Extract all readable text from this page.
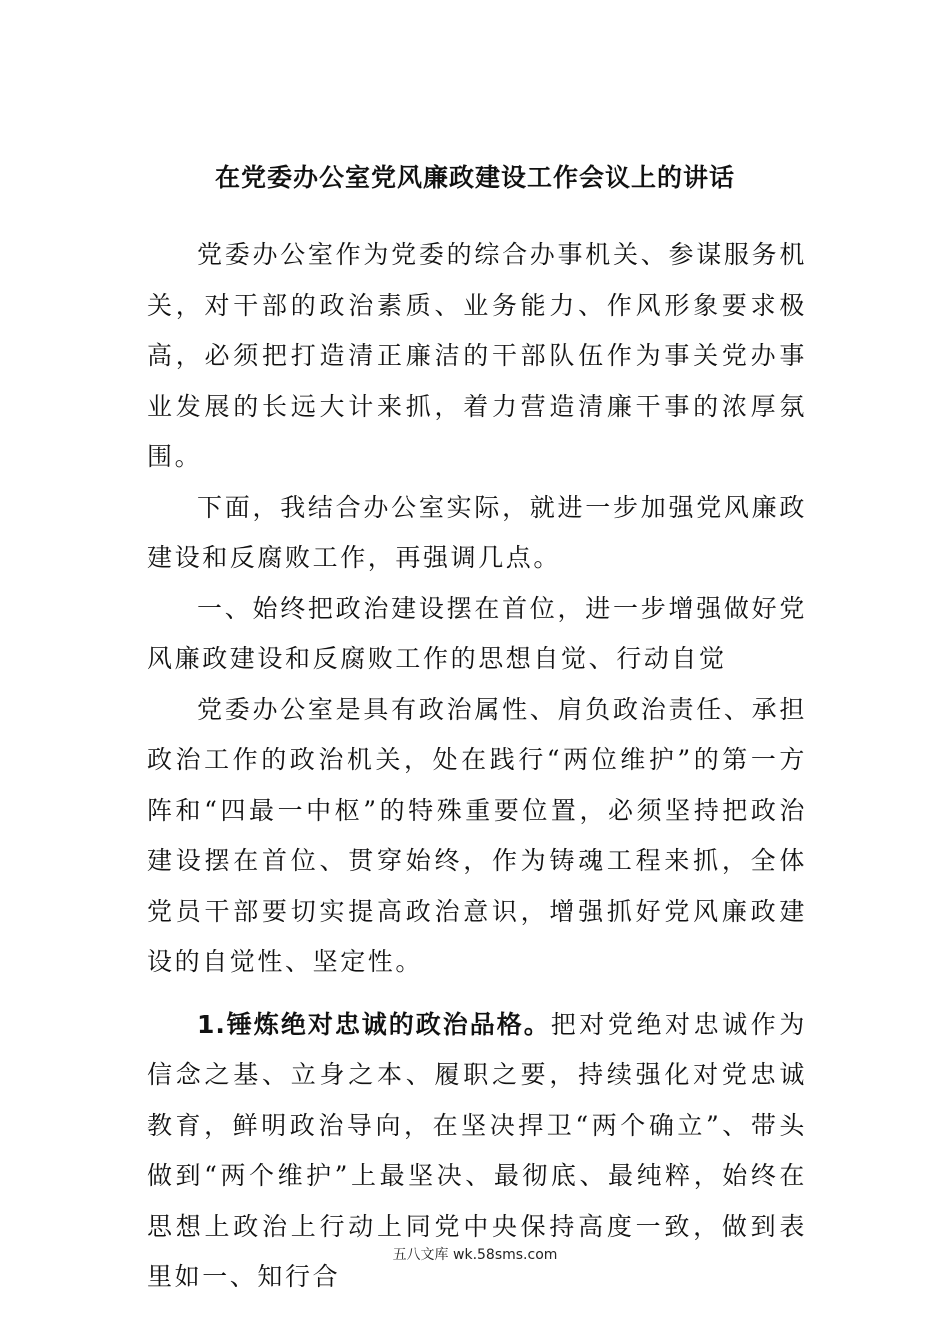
在党委办公室党风廉政建设工作会议上的讲话

党委办公室作为党委的综合办事机关、参谋服务机关，对干部的政治素质、业务能力、作风形象要求极高，必须把打造清正廉洁的干部队伍作为事关党办事业发展的长远大计来抓，着力营造清廉干事的浓厚氛围。

下面，我结合办公室实际，就进一步加强党风廉政建设和反腐败工作，再强调几点。

一、始终把政治建设摆在首位，进一步增强做好党风廉政建设和反腐败工作的思想自觉、行动自觉

党委办公室是具有政治属性、肩负政治责任、承担政治工作的政治机关，处在践行“两位维护”的第一方阵和“四最一中枢”的特殊重要位置，必须坚持把政治建设摆在首位、贯穿始终，作为铸魂工程来抓，全体党员干部要切实提高政治意识，增强抓好党风廉政建设的自觉性、坚定性。

1.锤炼绝对忠诚的政治品格。把对党绝对忠诚作为信念之基、立身之本、履职之要，持续强化对党忠诚教育，鲜明政治导向，在坚决捍卫“两个确立”、带头做到“两个维护”上最坚决、最彻底、最纯粹，始终在思想上政治上行动上同党中央保持高度一致，做到表里如一、知行合

五八文库 wk.58sms.com
